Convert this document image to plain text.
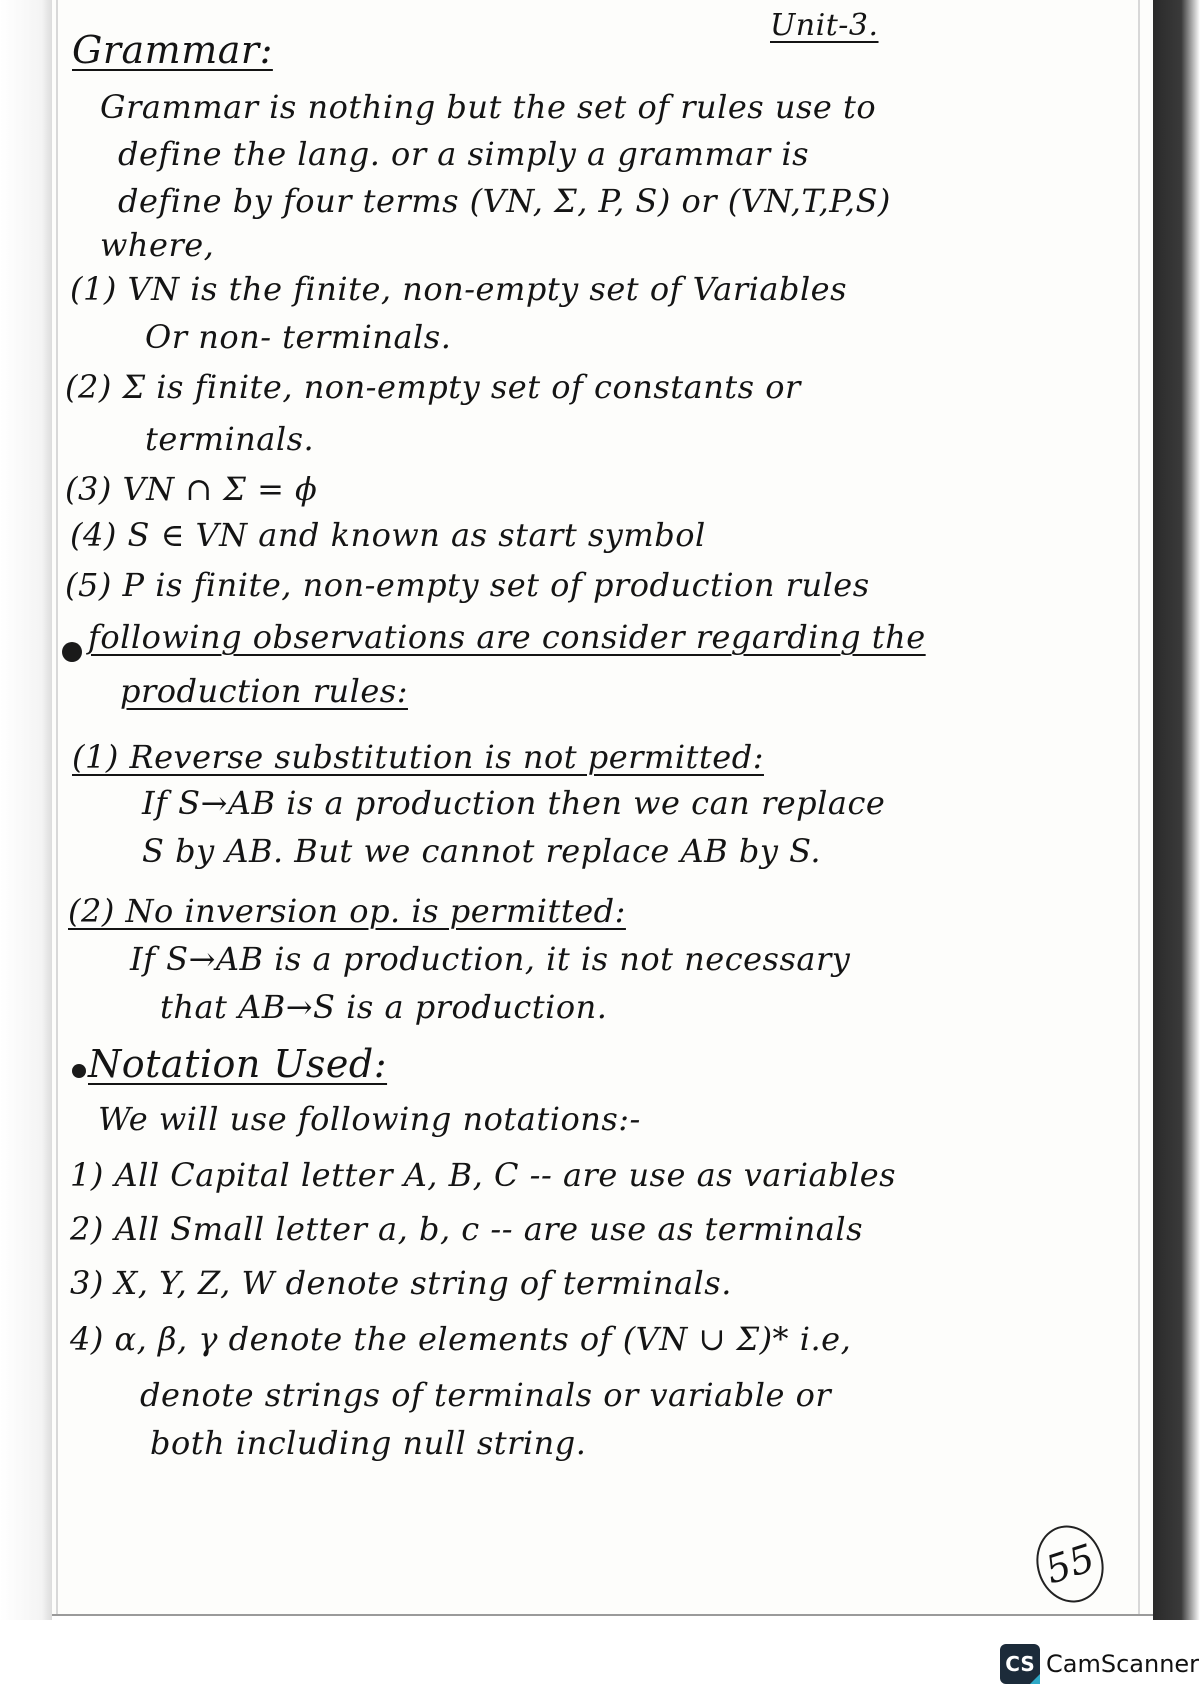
Unit-3.
Grammar:
Grammar is nothing but the set of rules use to
define the lang. or a simply a grammar is
define by four terms (VN, Σ, P, S) or (VN,T,P,S)
where,
(1) VN is the finite, non-empty set of Variables
Or non- terminals.
(2) Σ is finite, non-empty set of constants or
terminals.
(3) VN ∩ Σ = ϕ
(4) S ∈ VN and known as start symbol
(5) P is finite, non-empty set of production rules
following observations are consider regarding the
production rules:
(1) Reverse substitution is not permitted:
If S→AB is a production then we can replace
S by AB. But we cannot replace AB by S.
(2) No inversion op. is permitted:
If S→AB is a production, it is not necessary
that AB→S is a production.
Notation Used:
We will use following notations:-
1) All Capital letter A, B, C -- are use as variables
2) All Small letter a, b, c -- are use as terminals
3) X, Y, Z, W denote string of terminals.
4) α, β, γ denote the elements of (VN ∪ Σ)* i.e,
denote strings of terminals or variable or
both including null string.
55
CS CamScanner
